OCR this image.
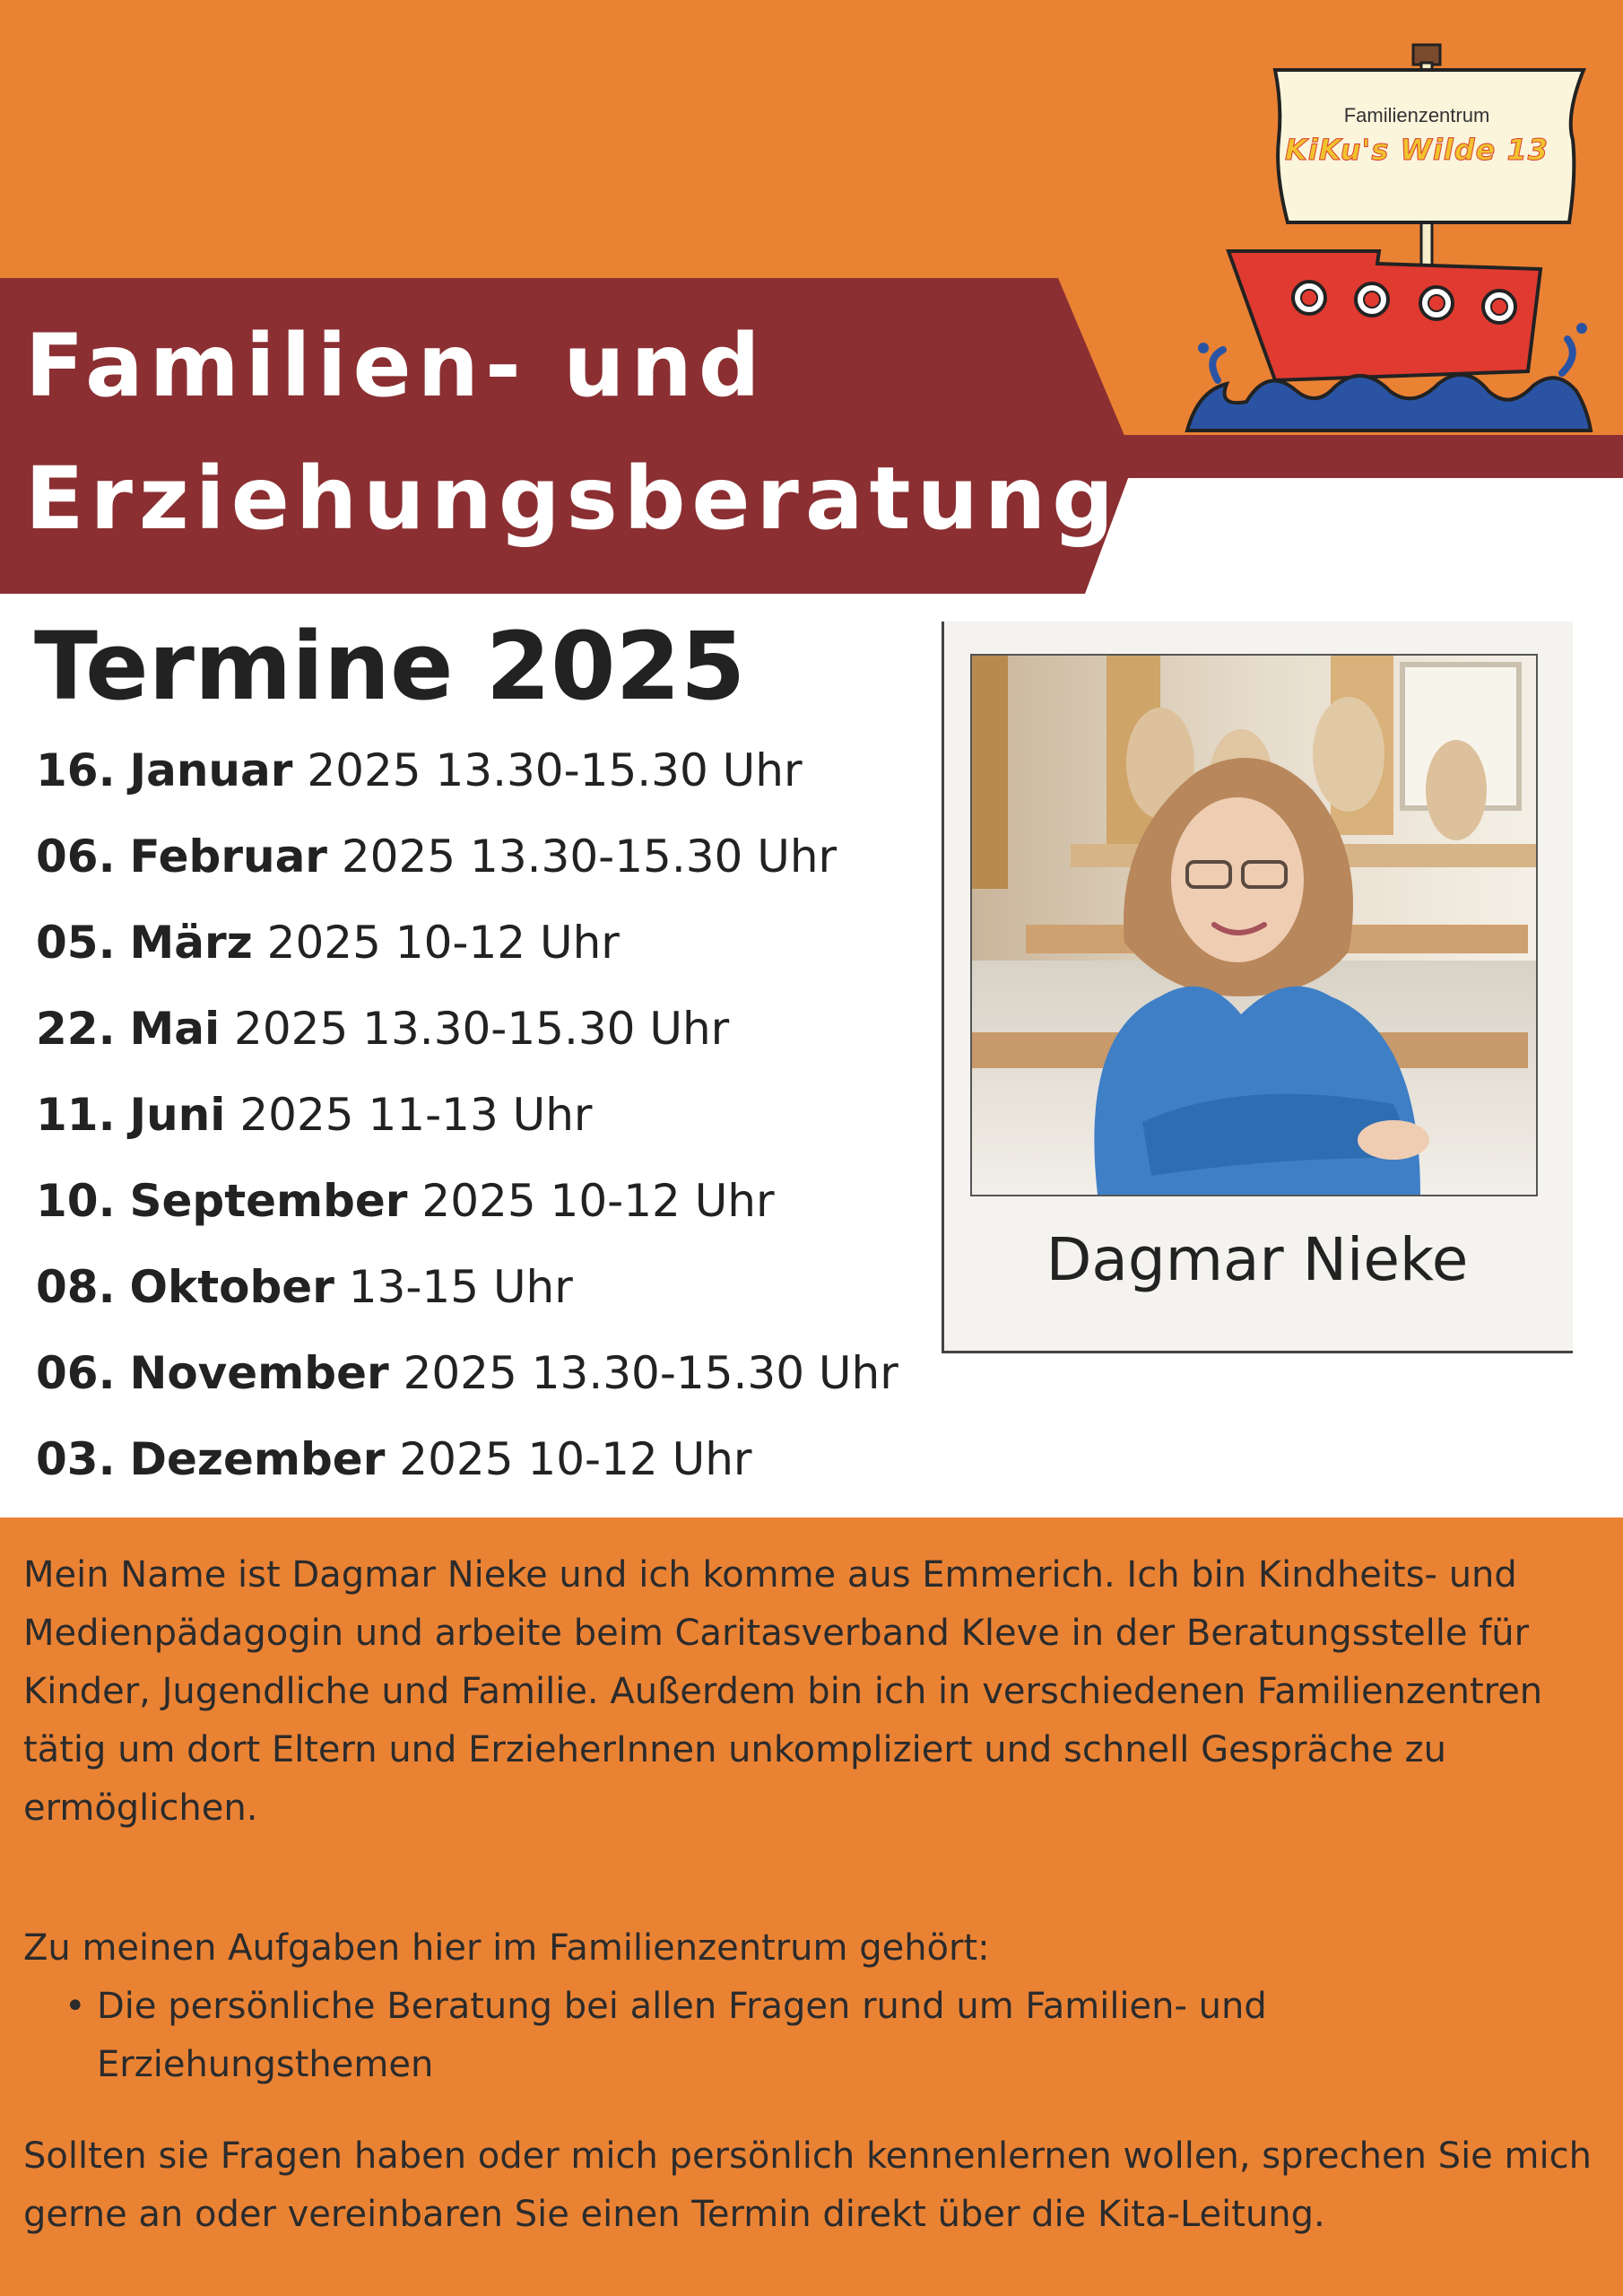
Familien- und
Erziehungsberatung
Familienzentrum
KiKu's Wilde 13
Termine 2025
16. Januar 2025 13.30-15.30 Uhr
06. Februar 2025 13.30-15.30 Uhr
05. März 2025 10-12 Uhr
22. Mai 2025 13.30-15.30 Uhr
11. Juni 2025 11-13 Uhr
10. September 2025 10-12 Uhr
08. Oktober 13-15 Uhr
06. November 2025 13.30-15.30 Uhr
03. Dezember 2025 10-12 Uhr
Dagmar Nieke

Mein Name ist Dagmar Nieke und ich komme aus Emmerich. Ich bin Kindheits- und Medienpädagogin und arbeite beim Caritasverband Kleve in der Beratungsstelle für Kinder, Jugendliche und Familie. Außerdem bin ich in verschiedenen Familienzentren tätig um dort Eltern und ErzieherInnen unkompliziert und schnell Gespräche zu ermöglichen.

Zu meinen Aufgaben hier im Familienzentrum gehört:

• Die persönliche Beratung bei allen Fragen rund um Familien- und Erziehungsthemen

Sollten sie Fragen haben oder mich persönlich kennenlernen wollen, sprechen Sie mich gerne an oder vereinbaren Sie einen Termin direkt über die Kita-Leitung.
